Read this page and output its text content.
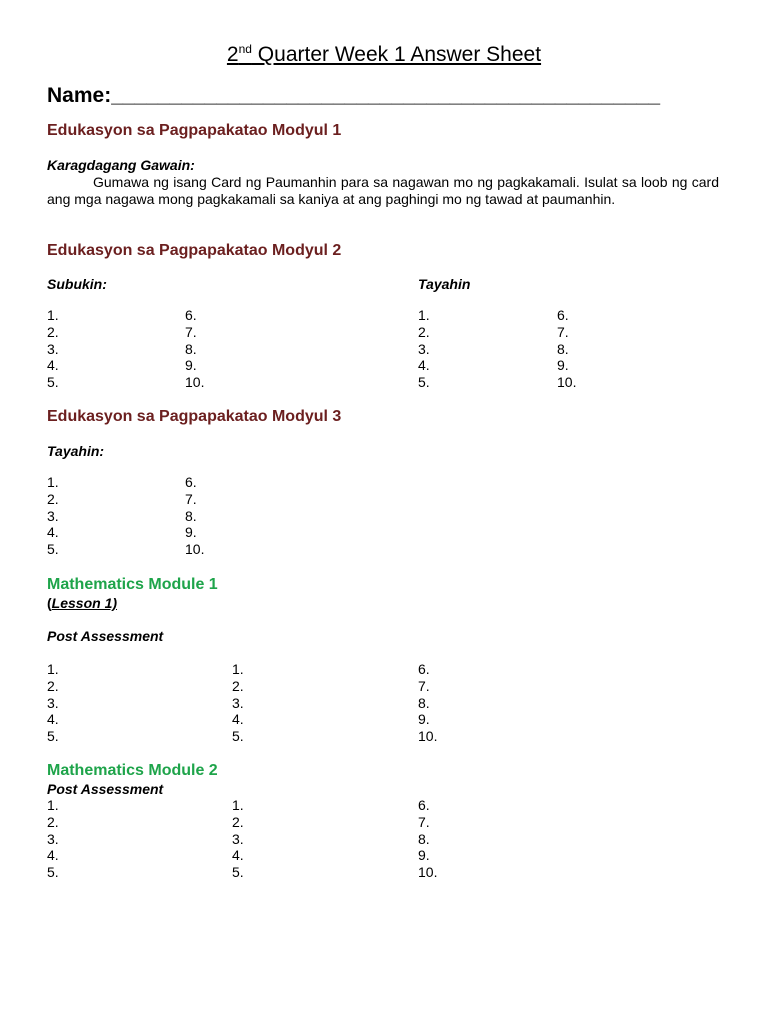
2nd Quarter Week 1 Answer Sheet
Name:_______________________________________________
Edukasyon sa Pagpapakatao Modyul 1
Karagdagang Gawain:
Gumawa ng isang Card ng Paumanhin para sa nagawan mo ng pagkakamali. Isulat sa loob ng card ang mga nagawa mong pagkakamali sa kaniya at ang paghingi mo ng tawad at paumanhin.
Edukasyon sa Pagpapakatao Modyul 2
Subukin:	Tayahin
1.
2.
3.
4.
5.
6.
7.
8.
9.
10.
1.
2.
3.
4.
5.
6.
7.
8.
9.
10.
Edukasyon sa Pagpapakatao Modyul 3
Tayahin:
1.
2.
3.
4.
5.
6.
7.
8.
9.
10.
Mathematics Module 1
(Lesson 1)
Post Assessment
1.
2.
3.
4.
5.
1.
2.
3.
4.
5.
6.
7.
8.
9.
10.
Mathematics Module 2
Post Assessment
1.
2.
3.
4.
5.
1.
2.
3.
4.
5.
6.
7.
8.
9.
10.
